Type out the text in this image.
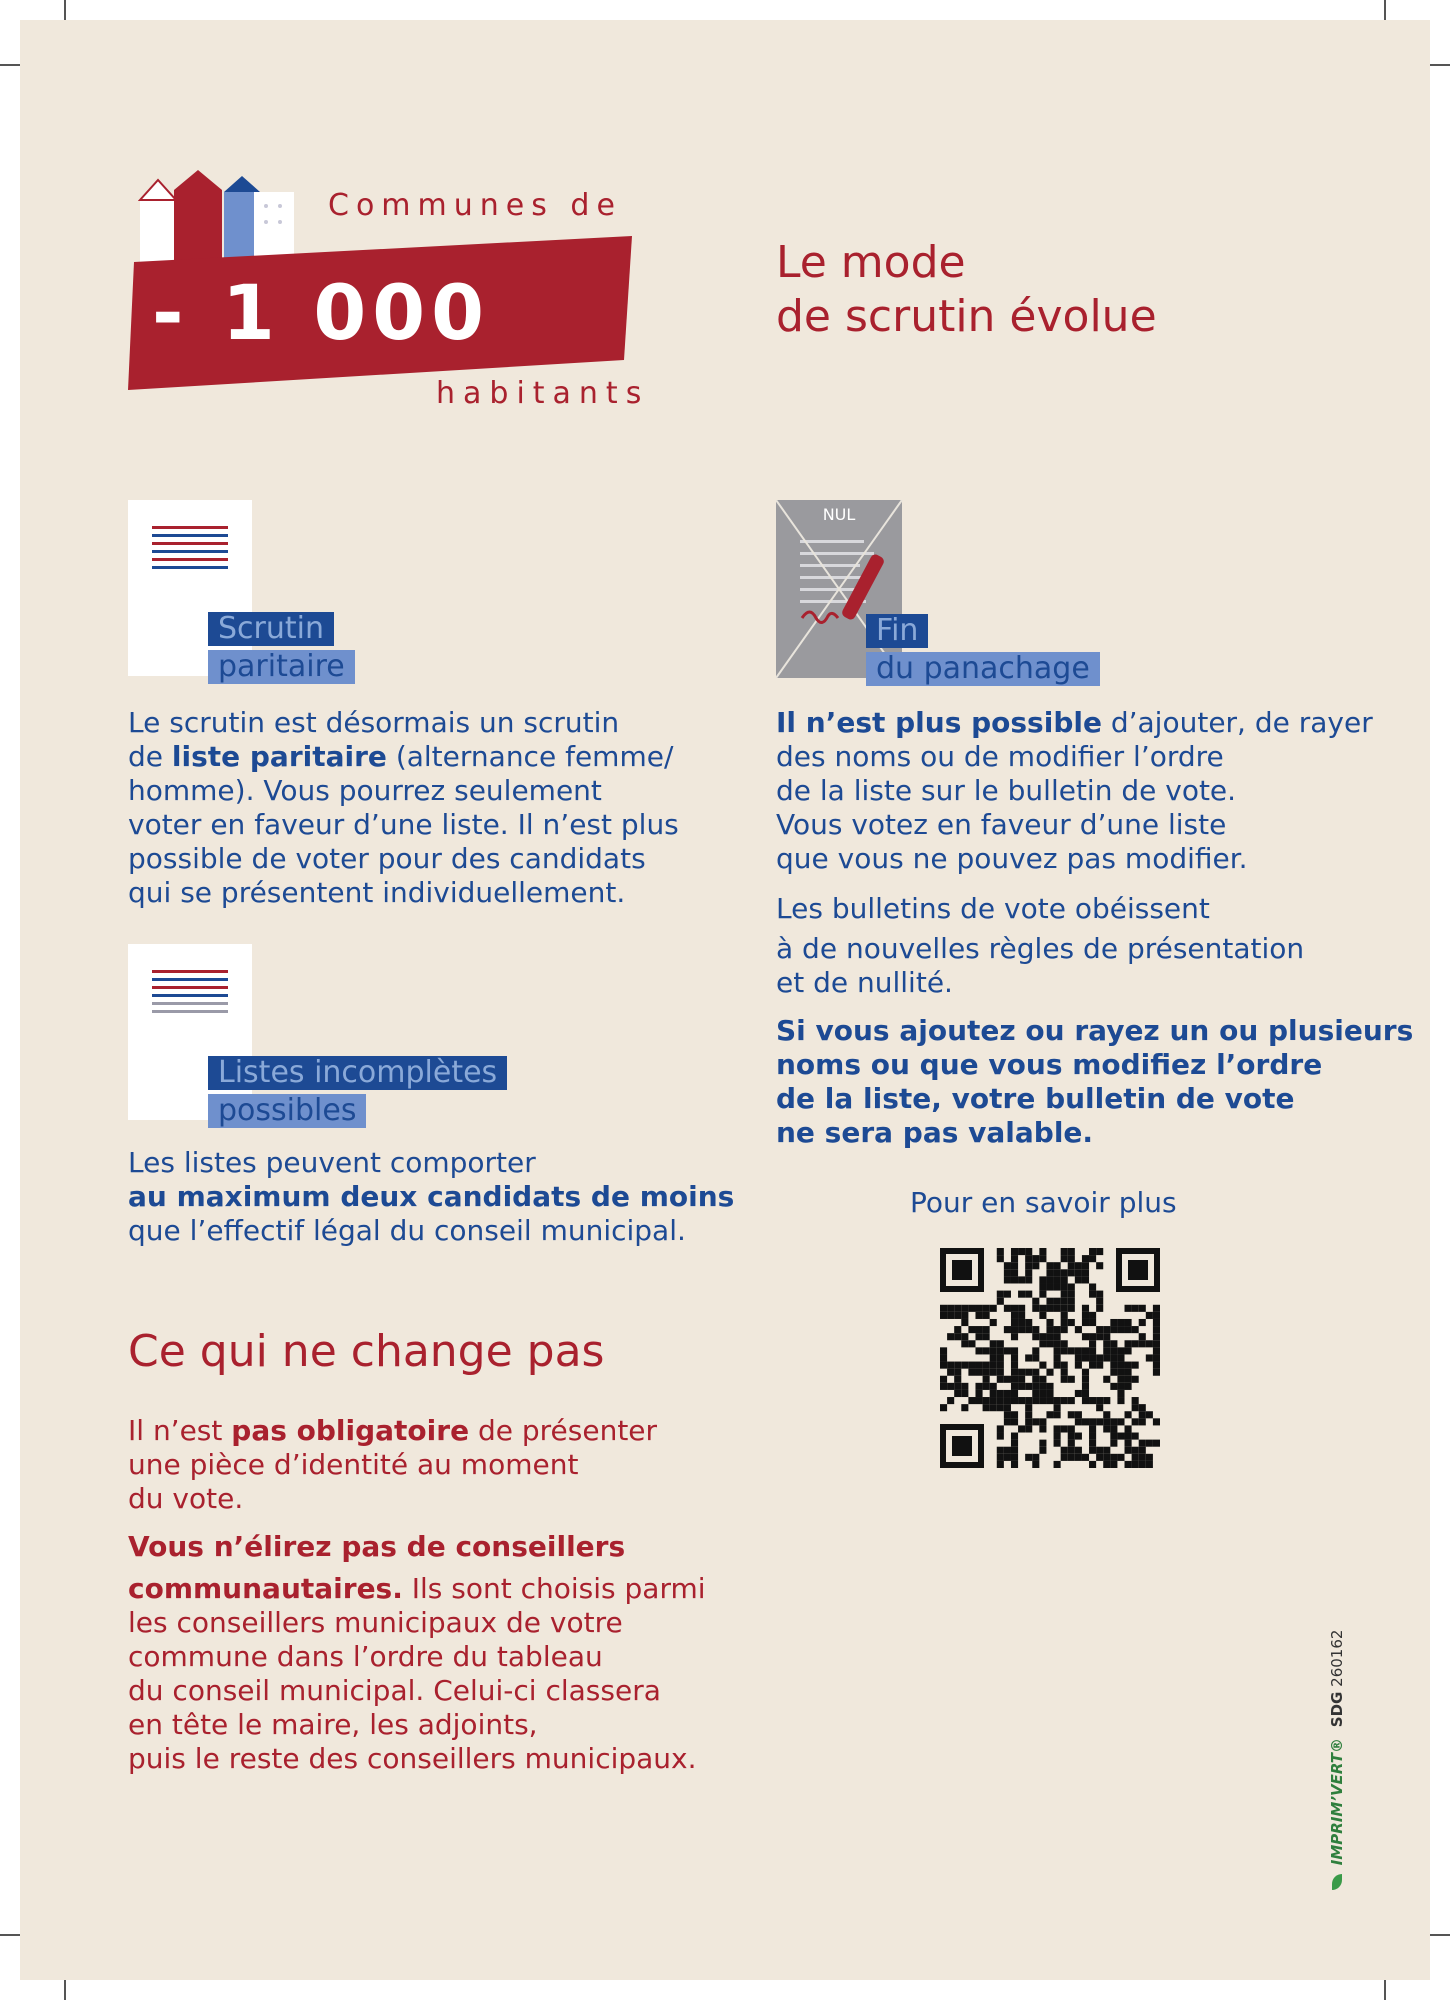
Communes de
- 1 000
habitants
Le mode
de scrutin évolue
Scrutin
paritaire
Le scrutin est désormais un scrutin
de liste paritaire (alternance femme/
homme). Vous pourrez seulement
voter en faveur d’une liste. Il n’est plus
possible de voter pour des candidats
qui se présentent individuellement.
Listes incomplètes
possibles
Les listes peuvent comporter
au maximum deux candidats de moins
que l’effectif légal du conseil municipal.
NUL
Fin
du panachage
Il n’est plus possible d’ajouter, de rayer
des noms ou de modifier l’ordre
de la liste sur le bulletin de vote.
Vous votez en faveur d’une liste
que vous ne pouvez pas modifier.
Les bulletins de vote obéissent
à de nouvelles règles de présentation
et de nullité.
Si vous ajoutez ou rayez un ou plusieurs
noms ou que vous modifiez l’ordre
de la liste, votre bulletin de vote
ne sera pas valable.
Pour en savoir plus
Ce qui ne change pas
Il n’est pas obligatoire de présenter
une pièce d’identité au moment
du vote.
Vous n’élirez pas de conseillers
communautaires. Ils sont choisis parmi
les conseillers municipaux de votre
commune dans l’ordre du tableau
du conseil municipal. Celui-ci classera
en tête le maire, les adjoints,
puis le reste des conseillers municipaux.	IMPRIM’VERT® SDG 260162
